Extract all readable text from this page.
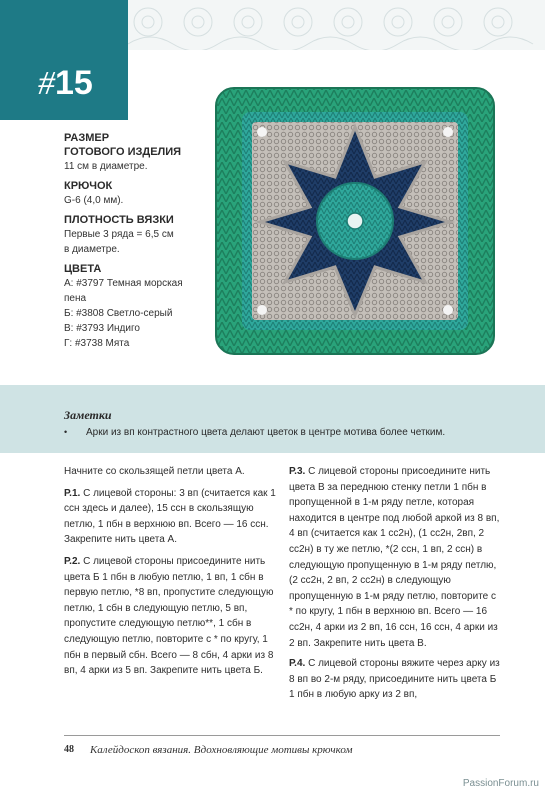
#15
РАЗМЕР
ГОТОВОГО ИЗДЕЛИЯ
11 см в диаметре.
КРЮЧОК
G-6 (4,0 мм).
ПЛОТНОСТЬ ВЯЗКИ
Первые 3 ряда = 6,5 см
в диаметре.
ЦВЕТА
А: #3797 Темная морская
пена
Б: #3808 Светло-серый
В: #3793 Индиго
Г: #3738 Мята
Заметки
• Арки из вп контрастного цвета делают цветок в центре мотива более четким.

Начните со скользящей петли цвета А.

Р.1. С лицевой стороны: 3 вп (считается как 1 ссн здесь и далее), 15 ссн в скользящую петлю, 1 пбн в верхнюю вп. Всего — 16 ссн. Закрепите нить цвета А.

Р.2. С лицевой стороны присоедините нить цвета Б 1 пбн в любую петлю, 1 вп, 1 сбн в первую петлю, *8 вп, пропустите следующую петлю, 1 сбн в следующую петлю, 5 вп, пропустите следующую петлю**, 1 сбн в следующую петлю, повторите с * по кругу, 1 пбн в первый сбн. Всего — 8 сбн, 4 арки из 8 вп, 4 арки из 5 вп. Закрепите нить цвета Б.

Р.3. С лицевой стороны присоедините нить цвета В за переднюю стенку петли 1 пбн в пропущенной в 1-м ряду петле, которая находится в центре под любой аркой из 8 вп, 4 вп (считается как 1 сс2н), (1 сс2н, 2вп, 2 сс2н) в ту же петлю, *(2 ссн, 1 вп, 2 ссн) в следующую пропущенную в 1-м ряду петлю, (2 сс2н, 2 вп, 2 сс2н) в следующую пропущенную в 1-м ряду петлю, повторите с * по кругу, 1 пбн в верхнюю вп. Всего — 16 сс2н, 4 арки из 2 вп, 16 ссн, 16 ссн, 4 арки из 2 вп. Закрепите нить цвета В.

Р.4. С лицевой стороны вяжите через арку из 8 вп во 2-м ряду, присоедините нить цвета Б 1 пбн в любую арку из 2 вп,

48 Калейдоскоп вязания. Вдохновляющие мотивы крючком
PassionForum.ru
